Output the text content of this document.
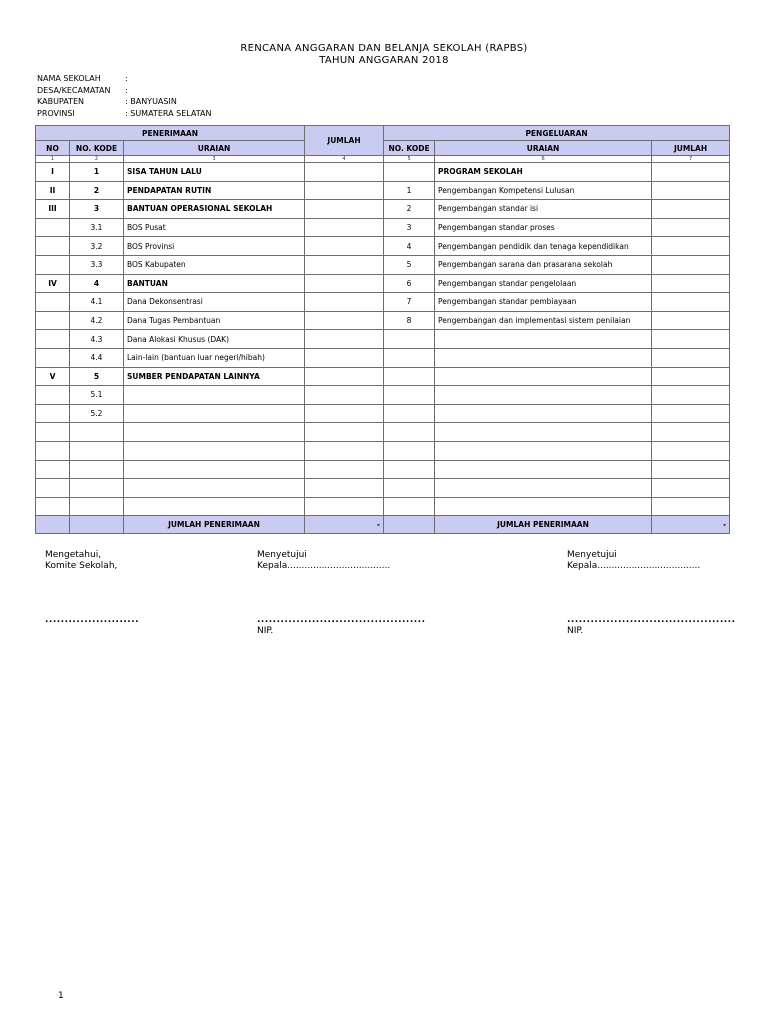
RENCANA ANGGARAN DAN BELANJA SEKOLAH (RAPBS)
TAHUN ANGGARAN 2018
NAMA SEKOLAH	:
DESA/KECAMATAN	:
KABUPATEN	: BANYUASIN
PROVINSI	: SUMATERA SELATAN
PENERIMAAN			JUMLAH	PENGELUARAN		
NO	NO. KODE	URAIAN		NO. KODE	URAIAN	JUMLAH
1	2	3	4	5	6	7
I	1	SISA TAHUN LALU			PROGRAM SEKOLAH	
II	2	PENDAPATAN RUTIN		1	Pengembangan Kompetensi Lulusan	
III	3	BANTUAN OPERASIONAL SEKOLAH		2	Pengembangan standar isi	
	3.1	BOS Pusat		3	Pengembangan standar proses	
	3.2	BOS Provinsi		4	Pengembangan pendidik dan tenaga kependidikan	
	3.3	BOS Kabupaten		5	Pengembangan sarana dan prasarana sekolah	
IV	4	BANTUAN		6	Pengembangan standar pengelolaan	
	4.1	Dana Dekonsentrasi		7	Pengembangan standar pembiayaan	
	4.2	Dana Tugas Pembantuan		8	Pengembangan dan implementasi sistem penilaian	
	4.3	Dana Alokasi Khusus (DAK)				
	4.4	Lain-lain (bantuan luar negeri/hibah)				
V	5	SUMBER PENDAPATAN LAINNYA				
	5.1					
	5.2					

		JUMLAH PENERIMAAN	-		JUMLAH PENERIMAAN	-
Mengetahui,
Komite Sekolah,
........................
Menyetujui
Kepala....................................
...........................................
NIP.
Menyetujui
Kepala....................................
...........................................
NIP.
1
